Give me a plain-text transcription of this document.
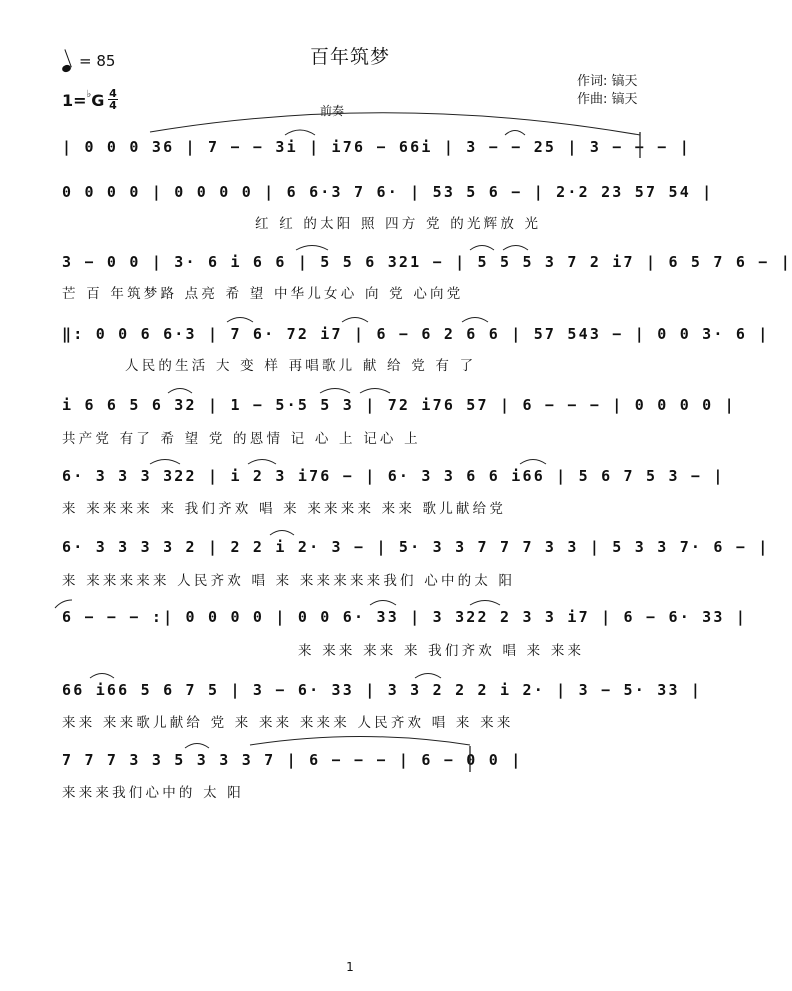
百年筑梦
= 85
1=♭G 4
4
作词: 镐天
作曲: 镐天
前奏
| 0 0 0 36 | 7 − − 3i | i76 − 66i | 3 − − 25 | 3 − − − |
0 0 0 0 | 0 0 0 0 | 6 6·3 7 6· | 53 5 6 − | 2·2 23 57 54 |
红 红 的太阳 照 四方 党 的光辉放 光
3 − 0 0 | 3· 6 i 6 6 | 5 5 6 321 − | 5 5 5 3 7 2 i7 | 6 5 7 6 − |
芒 百 年筑梦路 点亮 希 望 中华儿女心 向 党 心向党
‖: 0 0 6 6·3 | 7 6· 72 i7 | 6 − 6 2 6 6 | 57 543 − | 0 0 3· 6 |
人民的生活 大 变 样 再唱歌儿 献 给 党 有 了
i 6 6 5 6 32 | 1 − 5·5 5 3 | 72 i76 57 | 6 − − − | 0 0 0 0 |
共产党 有了 希 望 党 的恩情 记 心 上 记心 上
6· 3 3 3 322 | i 2 3 i76 − | 6· 3 3 6 6 i66 | 5 6 7 5 3 − |
来 来来来来 来 我们齐欢 唱 来 来来来来 来来 歌儿献给党
6· 3 3 3 3 2 | 2 2 i 2· 3 − | 5· 3 3 7 7 7 3 3 | 5 3 3 7· 6 − |
来 来来来来来 人民齐欢 唱 来 来来来来来我们 心中的太 阳
6 − − − :| 0 0 0 0 | 0 0 6· 33 | 3 322 2 3 3 i7 | 6 − 6· 33 |
来 来来 来来 来 我们齐欢 唱 来 来来
66 i66 5 6 7 5 | 3 − 6· 33 | 3 3 2 2 2 i 2· | 3 − 5· 33 |
来来 来来歌儿献给 党 来 来来 来来来 人民齐欢 唱 来 来来
7 7 7 3 3 5 3 3 3 7 | 6 − − − | 6 − 0 0 |
来来来我们心中的 太 阳
1
